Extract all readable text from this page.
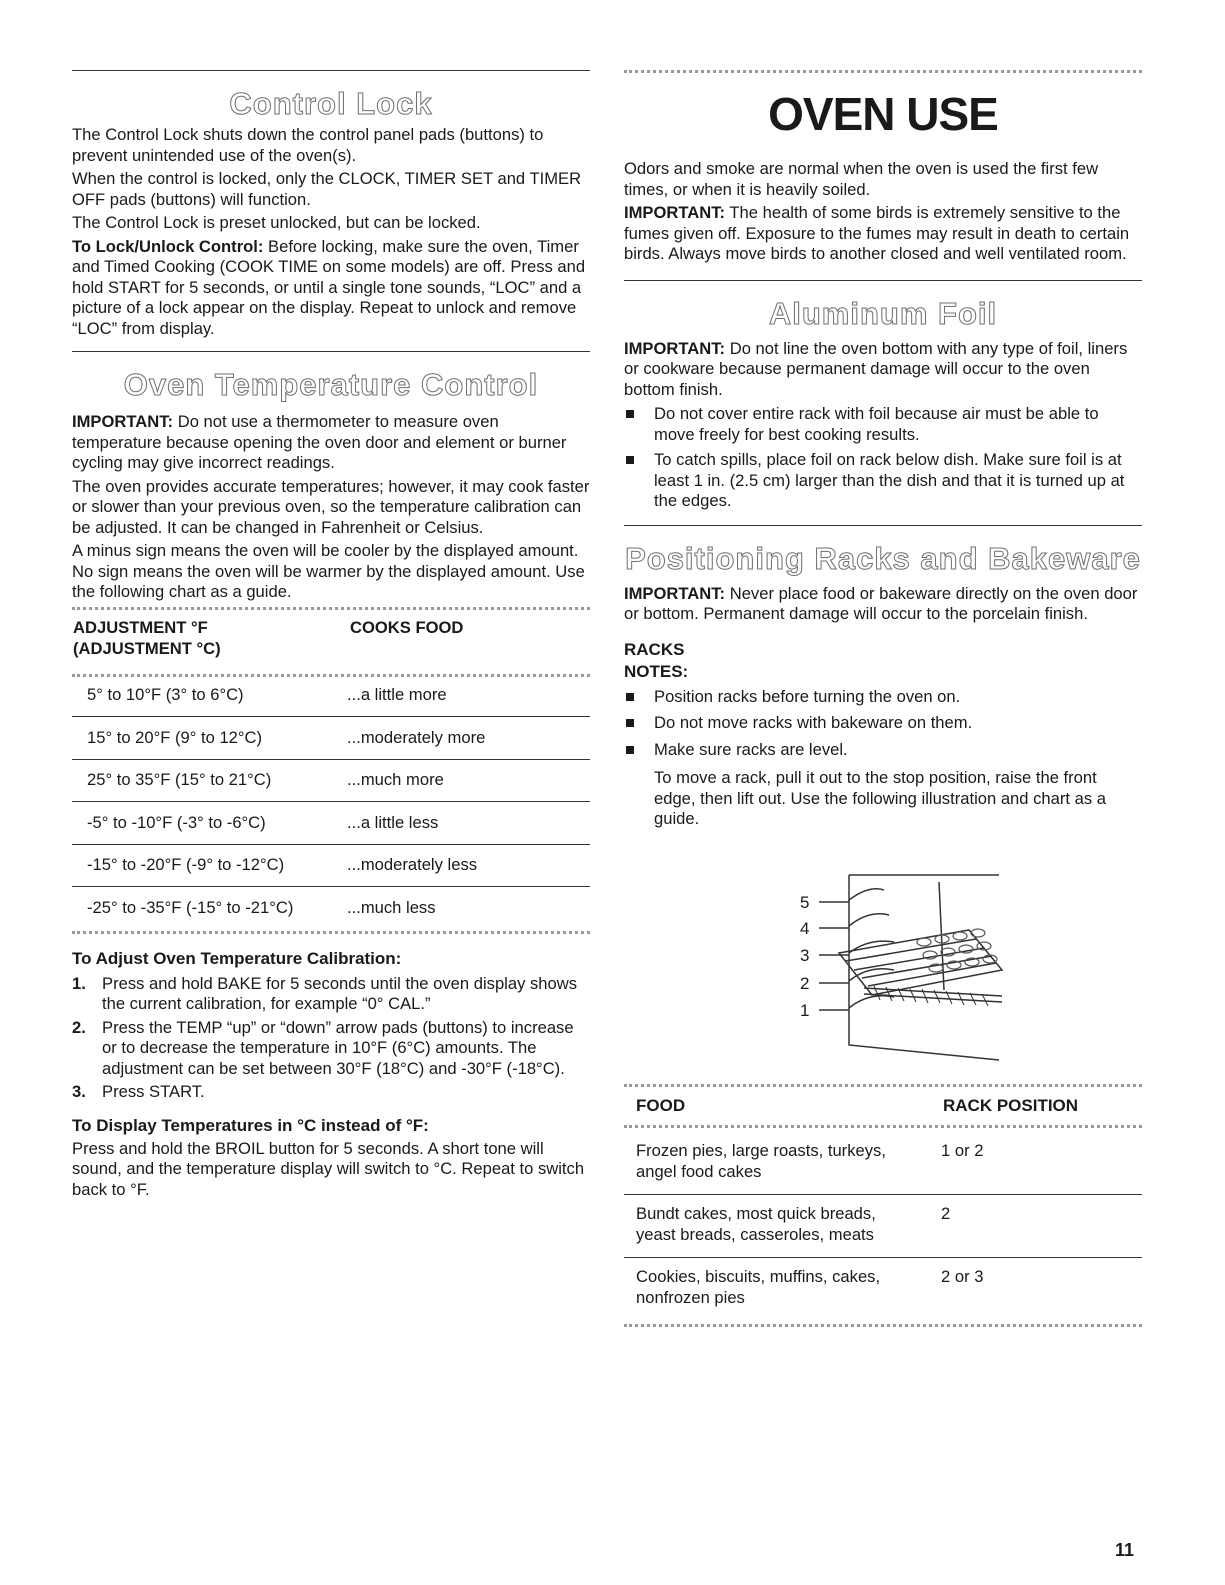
Control Lock

The Control Lock shuts down the control panel pads (buttons) to prevent unintended use of the oven(s).

When the control is locked, only the CLOCK, TIMER SET and TIMER OFF pads (buttons) will function.

The Control Lock is preset unlocked, but can be locked.

To Lock/Unlock Control: Before locking, make sure the oven, Timer and Timed Cooking (COOK TIME on some models) are off. Press and hold START for 5 seconds, or until a single tone sounds, “LOC” and a picture of a lock appear on the display. Repeat to unlock and remove “LOC” from display.

Oven Temperature Control

IMPORTANT: Do not use a thermometer to measure oven temperature because opening the oven door and element or burner cycling may give incorrect readings.

The oven provides accurate temperatures; however, it may cook faster or slower than your previous oven, so the temperature calibration can be adjusted. It can be changed in Fahrenheit or Celsius.

A minus sign means the oven will be cooler by the displayed amount. No sign means the oven will be warmer by the displayed amount. Use the following chart as a guide.

ADJUSTMENT °F
(ADJUSTMENT °C)
	COOKS FOOD
5° to 10°F (3° to 6°C)	...a little more
15° to 20°F (9° to 12°C)	...moderately more
25° to 35°F (15° to 21°C)	...much more
-5° to -10°F (-3° to -6°C)	...a little less
-15° to -20°F (-9° to -12°C)	...moderately less
-25° to -35°F (-15° to -21°C)	...much less

To Adjust Oven Temperature Calibration:

1. Press and hold BAKE for 5 seconds until the oven display shows the current calibration, for example “0° CAL.”
2. Press the TEMP “up” or “down” arrow pads (buttons) to increase or to decrease the temperature in 10°F (6°C) amounts. The adjustment can be set between 30°F (18°C) and -30°F (-18°C).
3. Press START.

To Display Temperatures in °C instead of °F:

Press and hold the BROIL button for 5 seconds. A short tone will sound, and the temperature display will switch to °C. Repeat to switch back to °F.

OVEN USE

Odors and smoke are normal when the oven is used the first few times, or when it is heavily soiled.

IMPORTANT: The health of some birds is extremely sensitive to the fumes given off. Exposure to the fumes may result in death to certain birds. Always move birds to another closed and well ventilated room.

Aluminum Foil

IMPORTANT: Do not line the oven bottom with any type of foil, liners or cookware because permanent damage will occur to the oven bottom finish.

Do not cover entire rack with foil because air must be able to move freely for best cooking results.
To catch spills, place foil on rack below dish. Make sure foil is at least 1 in. (2.5 cm) larger than the dish and that it is turned up at the edges.
Positioning Racks and Bakeware

IMPORTANT: Never place food or bakeware directly on the oven door or bottom. Permanent damage will occur to the porcelain finish.

RACKS

NOTES:

Position racks before turning the oven on.
Do not move racks with bakeware on them.
Make sure racks are level.

To move a rack, pull it out to the stop position, raise the front edge, then lift out. Use the following illustration and chart as a guide.

5
4
3
2
1
FOOD	RACK POSITION
Frozen pies, large roasts, turkeys,
angel food cakes	1 or 2

Bundt cakes, most quick breads,
yeast breads, casseroles, meats	2

Cookies, biscuits, muffins, cakes,
nonfrozen pies	2 or 3
11
